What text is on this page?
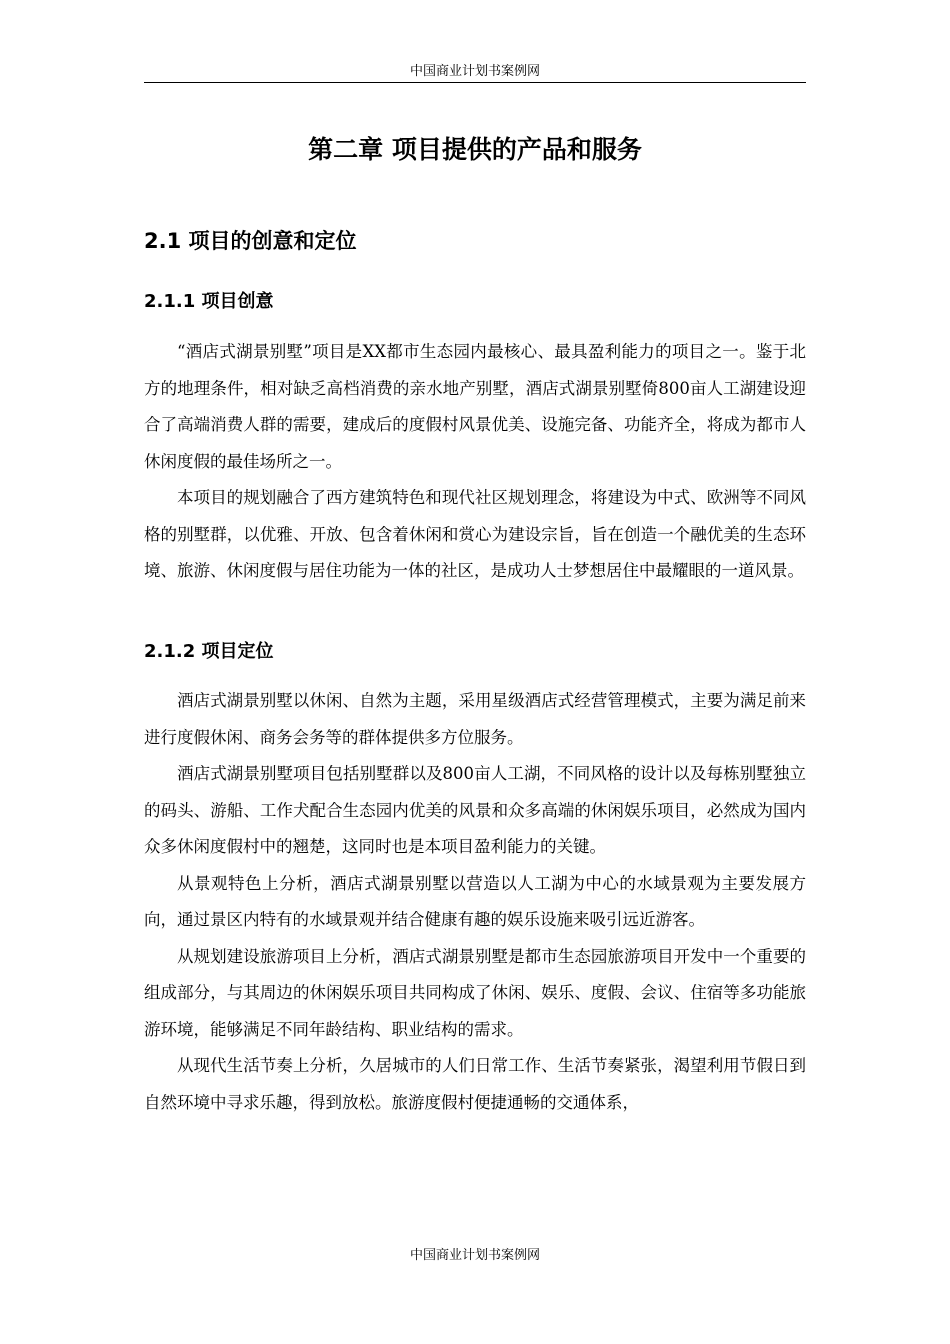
中国商业计划书案例网
第二章 项目提供的产品和服务
2.1 项目的创意和定位
2.1.1 项目创意

“酒店式湖景别墅”项目是XX都市生态园内最核心、最具盈利能力的项目之一。鉴于北方的地理条件，相对缺乏高档消费的亲水地产别墅，酒店式湖景别墅倚800亩人工湖建设迎合了高端消费人群的需要，建成后的度假村风景优美、设施完备、功能齐全，将成为都市人休闲度假的最佳场所之一。

本项目的规划融合了西方建筑特色和现代社区规划理念，将建设为中式、欧洲等不同风格的别墅群，以优雅、开放、包含着休闲和赏心为建设宗旨，旨在创造一个融优美的生态环境、旅游、休闲度假与居住功能为一体的社区，是成功人士梦想居住中最耀眼的一道风景。

2.1.2 项目定位

酒店式湖景别墅以休闲、自然为主题，采用星级酒店式经营管理模式，主要为满足前来进行度假休闲、商务会务等的群体提供多方位服务。

酒店式湖景别墅项目包括别墅群以及800亩人工湖，不同风格的设计以及每栋别墅独立的码头、游船、工作犬配合生态园内优美的风景和众多高端的休闲娱乐项目，必然成为国内众多休闲度假村中的翘楚，这同时也是本项目盈利能力的关键。

从景观特色上分析，酒店式湖景别墅以营造以人工湖为中心的水域景观为主要发展方向，通过景区内特有的水域景观并结合健康有趣的娱乐设施来吸引远近游客。

从规划建设旅游项目上分析，酒店式湖景别墅是都市生态园旅游项目开发中一个重要的组成部分，与其周边的休闲娱乐项目共同构成了休闲、娱乐、度假、会议、住宿等多功能旅游环境，能够满足不同年龄结构、职业结构的需求。

从现代生活节奏上分析，久居城市的人们日常工作、生活节奏紧张，渴望利用节假日到自然环境中寻求乐趣，得到放松。旅游度假村便捷通畅的交通体系，

中国商业计划书案例网
